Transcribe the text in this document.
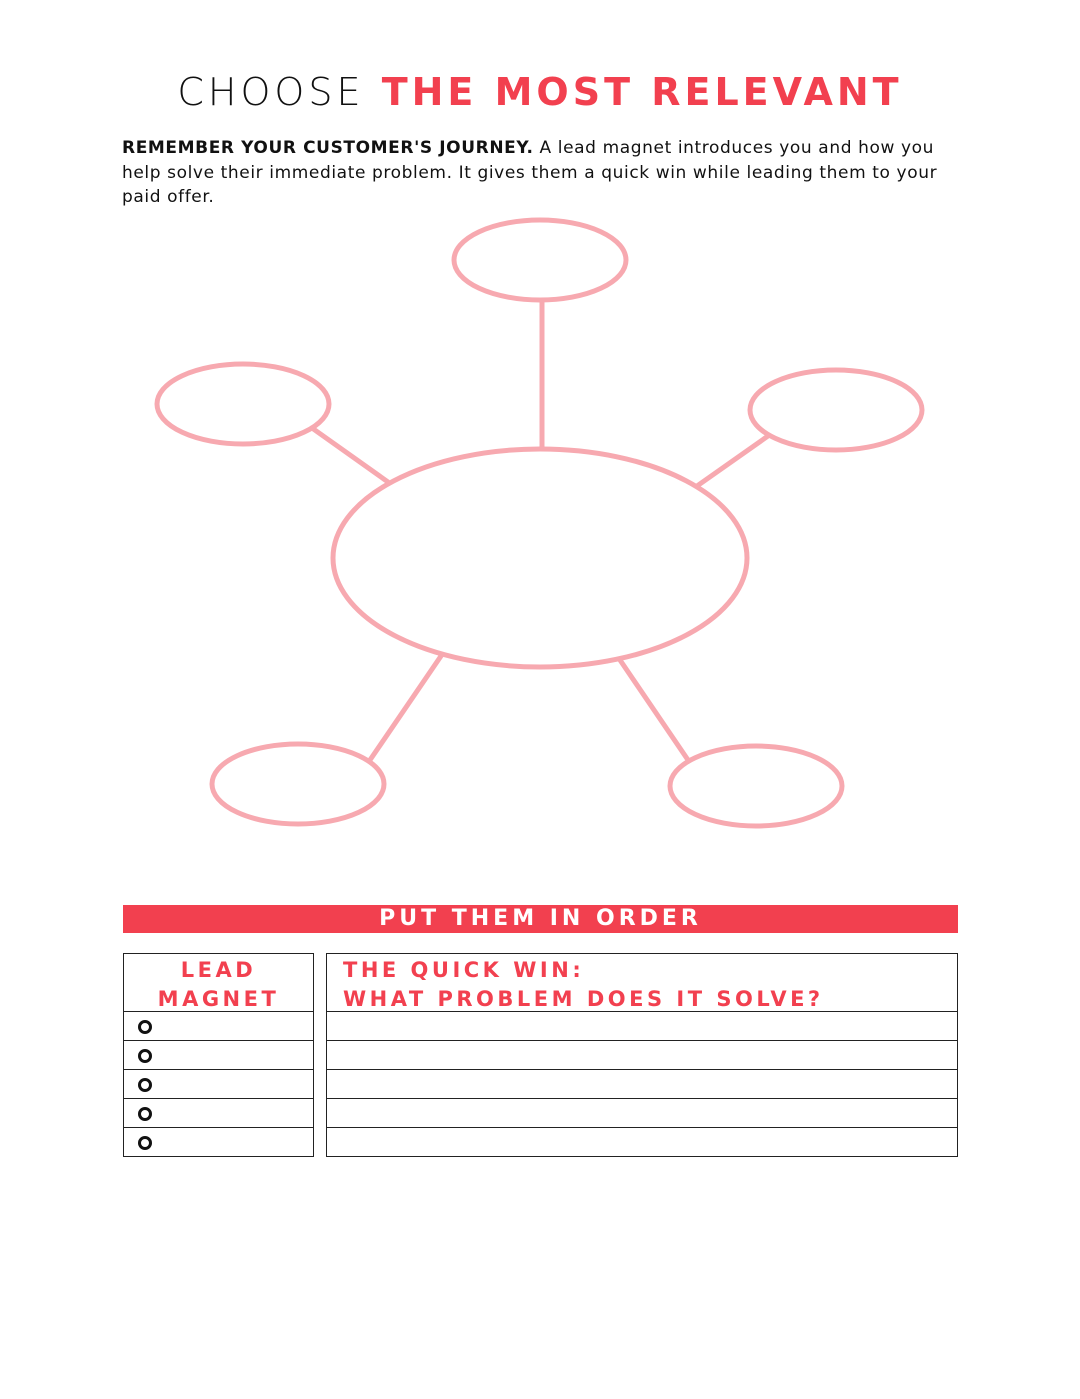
CHOOSE THE MOST RELEVANT

REMEMBER YOUR CUSTOMER'S JOURNEY. A lead magnet introduces you and how you help solve their immediate problem. It gives them a quick win while leading them to your paid offer.

PUT THEM IN ORDER
LEAD
MAGNET
THE QUICK WIN:
WHAT PROBLEM DOES IT SOLVE?
